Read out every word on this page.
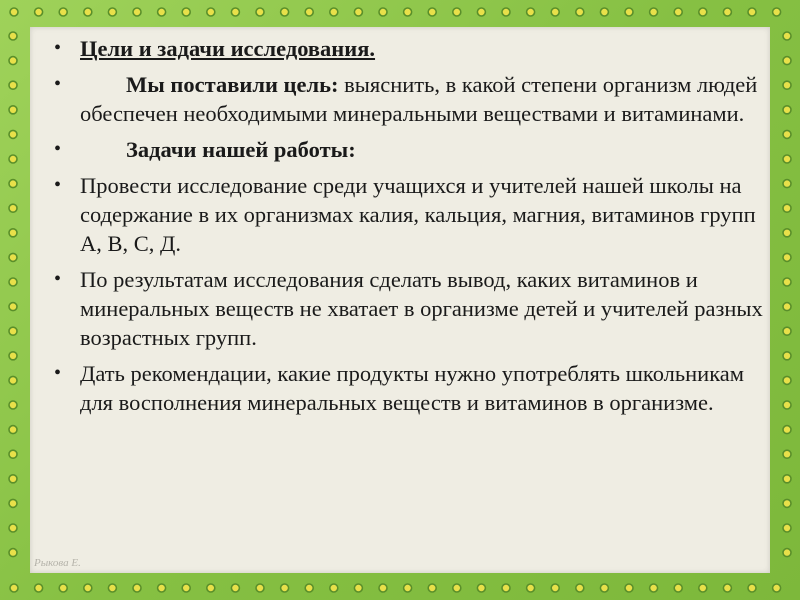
• Цели и задачи исследования.
•	Мы поставили цель: выяснить, в какой степени организм людей обеспечен необходимыми минеральными веществами и витаминами.
•	Задачи нашей работы:
• Провести исследование среди учащихся и учителей нашей школы на содержание в их организмах калия, кальция, магния, витаминов групп А, В, С, Д.
• По результатам исследования сделать вывод, каких витаминов и минеральных веществ не хватает в организме детей и учителей разных возрастных групп.
• Дать рекомендации, какие продукты нужно употреблять школьникам для восполнения минеральных веществ и витаминов в организме.
Рыкова Е.
